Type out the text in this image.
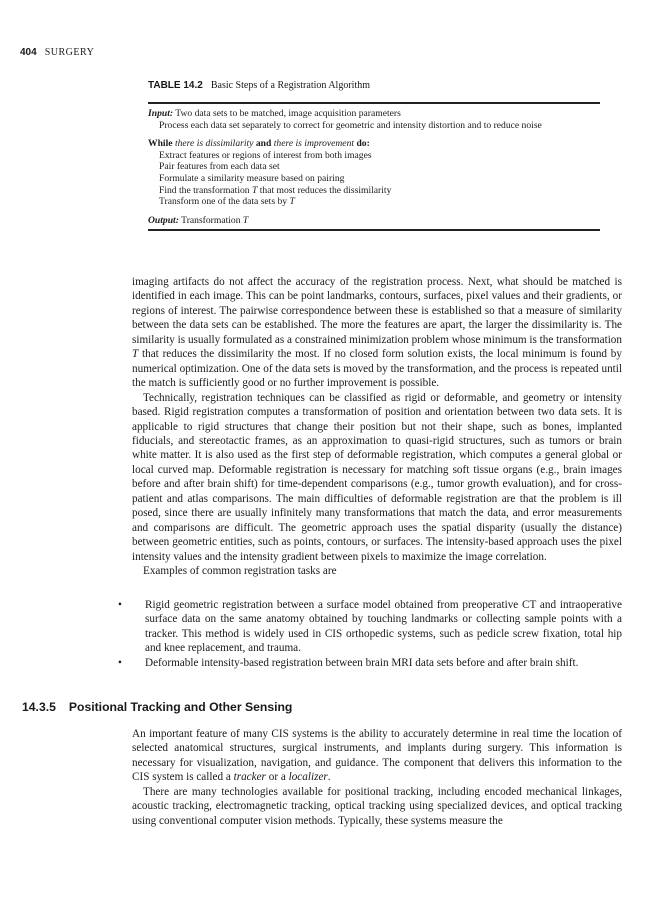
404 SURGERY
TABLE 14.2 Basic Steps of a Registration Algorithm
Input: Two data sets to be matched, image acquisition parameters
Process each data set separately to correct for geometric and intensity distortion and to reduce noise
While there is dissimilarity and there is improvement do:
Extract features or regions of interest from both images
Pair features from each data set
Formulate a similarity measure based on pairing
Find the transformation T that most reduces the dissimilarity
Transform one of the data sets by T
Output: Transformation T

imaging artifacts do not affect the accuracy of the registration process. Next, what should be matched is identified in each image. This can be point landmarks, contours, surfaces, pixel values and their gradients, or regions of interest. The pairwise correspondence between these is established so that a measure of similarity between the data sets can be established. The more the features are apart, the larger the dissimilarity is. The similarity is usually formulated as a constrained minimization problem whose minimum is the transformation T that reduces the dissimilarity the most. If no closed form solution exists, the local minimum is found by numerical optimization. One of the data sets is moved by the transformation, and the process is repeated until the match is sufficiently good or no further improvement is possible.

Technically, registration techniques can be classified as rigid or deformable, and geometry or intensity based. Rigid registration computes a transformation of position and orientation between two data sets. It is applicable to rigid structures that change their position but not their shape, such as bones, implanted fiducials, and stereotactic frames, as an approximation to quasi-rigid structures, such as tumors or brain white matter. It is also used as the first step of deformable registration, which computes a general global or local curved map. Deformable registration is necessary for matching soft tissue organs (e.g., brain images before and after brain shift) for time-dependent comparisons (e.g., tumor growth evaluation), and for cross-patient and atlas comparisons. The main difficulties of deformable registration are that the problem is ill posed, since there are usually infinitely many transformations that match the data, and error measurements and comparisons are difficult. The geometric approach uses the spatial disparity (usually the distance) between geometric entities, such as points, contours, or surfaces. The intensity-based approach uses the pixel intensity values and the intensity gradient between pixels to maximize the image correlation.

Examples of common registration tasks are

• Rigid geometric registration between a surface model obtained from preoperative CT and intraoperative surface data on the same anatomy obtained by touching landmarks or collecting sample points with a tracker. This method is widely used in CIS orthopedic systems, such as pedicle screw fixation, total hip and knee replacement, and trauma.
• Deformable intensity-based registration between brain MRI data sets before and after brain shift.
14.3.5 Positional Tracking and Other Sensing

An important feature of many CIS systems is the ability to accurately determine in real time the location of selected anatomical structures, surgical instruments, and implants during surgery. This information is necessary for visualization, navigation, and guidance. The component that delivers this information to the CIS system is called a tracker or a localizer.

There are many technologies available for positional tracking, including encoded mechanical linkages, acoustic tracking, electromagnetic tracking, optical tracking using specialized devices, and optical tracking using conventional computer vision methods. Typically, these systems measure the
